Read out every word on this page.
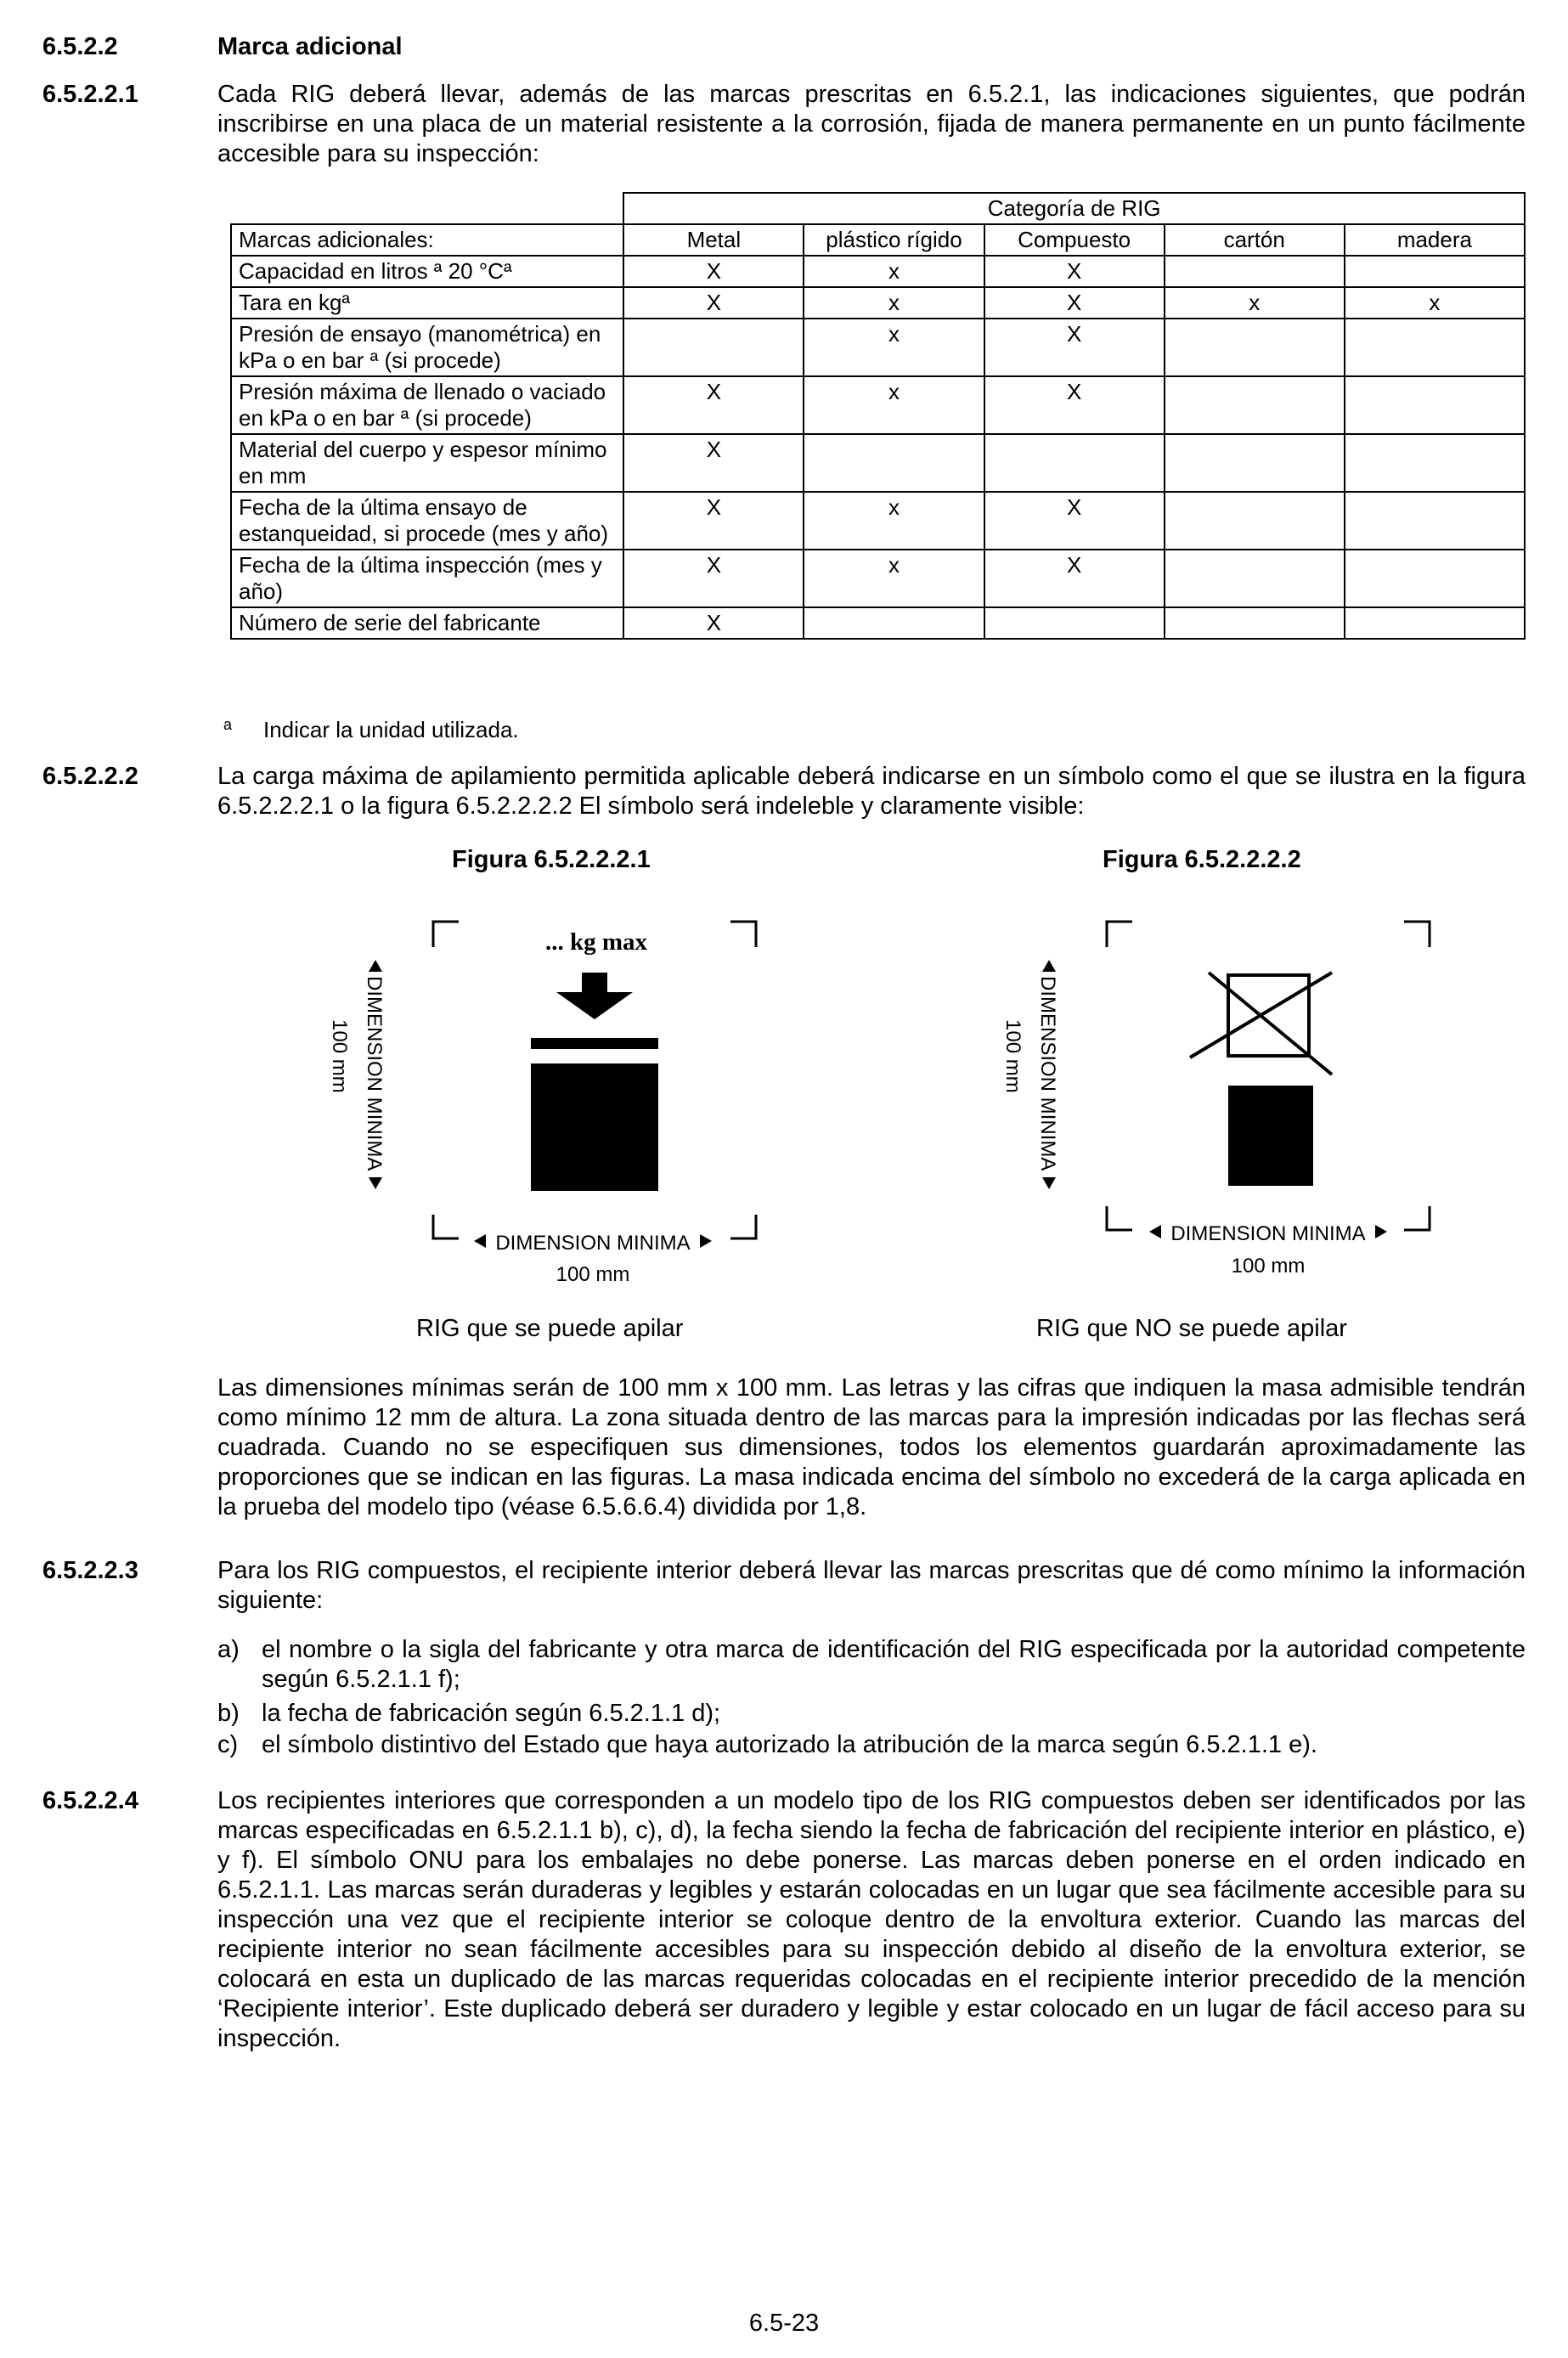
6.5.2.2	Marca adicional
6.5.2.2.1	Cada RIG deberá llevar, además de las marcas prescritas en 6.5.2.1, las indicaciones siguientes, que podrán inscribirse en una placa de un material resistente a la corrosión, fijada de manera permanente en un punto fácilmente accesible para su inspección:
	Categoría de RIG				
Marcas adicionales:	Metal	plástico rígido	Compuesto	cartón	madera
Capacidad en litros ª 20 °Cª	X	x	X		
Tara en kgª	X	x	X	x	x
Presión de ensayo (manométrica) en kPa o en bar ª (si procede)		x	X		
Presión máxima de llenado o vaciado en kPa o en bar ª (si procede)	X	x	X		
Material del cuerpo y espesor mínimo en mm	X				
Fecha de la última ensayo de estanqueidad, si procede (mes y año)	X	x	X		
Fecha de la última inspección (mes y año)	X	x	X		
Número de serie del fabricante	X				
a Indicar la unidad utilizada.
6.5.2.2.2	La carga máxima de apilamiento permitida aplicable deberá indicarse en un símbolo como el que se ilustra en la figura 6.5.2.2.2.1 o la figura 6.5.2.2.2.2 El símbolo será indeleble y claramente visible:
Figura 6.5.2.2.2.1	Figura 6.5.2.2.2.2
... kg max
DIMENSION MINIMA
100 mm
DIMENSION MINIMA
100 mm
DIMENSION MINIMA
100 mm
DIMENSION MINIMA
100 mm
RIG que se puede apilar	RIG que NO se puede apilar
Las dimensiones mínimas serán de 100 mm x 100 mm. Las letras y las cifras que indiquen la masa admisible tendrán como mínimo 12 mm de altura. La zona situada dentro de las marcas para la impresión indicadas por las flechas será cuadrada. Cuando no se especifiquen sus dimensiones, todos los elementos guardarán aproximadamente las proporciones que se indican en las figuras. La masa indicada encima del símbolo no excederá de la carga aplicada en la prueba del modelo tipo (véase 6.5.6.6.4) dividida por 1,8.
6.5.2.2.3	Para los RIG compuestos, el recipiente interior deberá llevar las marcas prescritas que dé como mínimo la información siguiente:
a) el nombre o la sigla del fabricante y otra marca de identificación del RIG especificada por la autoridad competente según 6.5.2.1.1 f);
b) la fecha de fabricación según 6.5.2.1.1 d);
c) el símbolo distintivo del Estado que haya autorizado la atribución de la marca según 6.5.2.1.1 e).
6.5.2.2.4	Los recipientes interiores que corresponden a un modelo tipo de los RIG compuestos deben ser identificados por las marcas especificadas en 6.5.2.1.1 b), c), d), la fecha siendo la fecha de fabricación del recipiente interior en plástico, e) y f). El símbolo ONU para los embalajes no debe ponerse. Las marcas deben ponerse en el orden indicado en 6.5.2.1.1. Las marcas serán duraderas y legibles y estarán colocadas en un lugar que sea fácilmente accesible para su inspección una vez que el recipiente interior se coloque dentro de la envoltura exterior. Cuando las marcas del recipiente interior no sean fácilmente accesibles para su inspección debido al diseño de la envoltura exterior, se colocará en esta un duplicado de las marcas requeridas colocadas en el recipiente interior precedido de la mención ‘Recipiente interior’. Este duplicado deberá ser duradero y legible y estar colocado en un lugar de fácil acceso para su inspección.
6.5-23
